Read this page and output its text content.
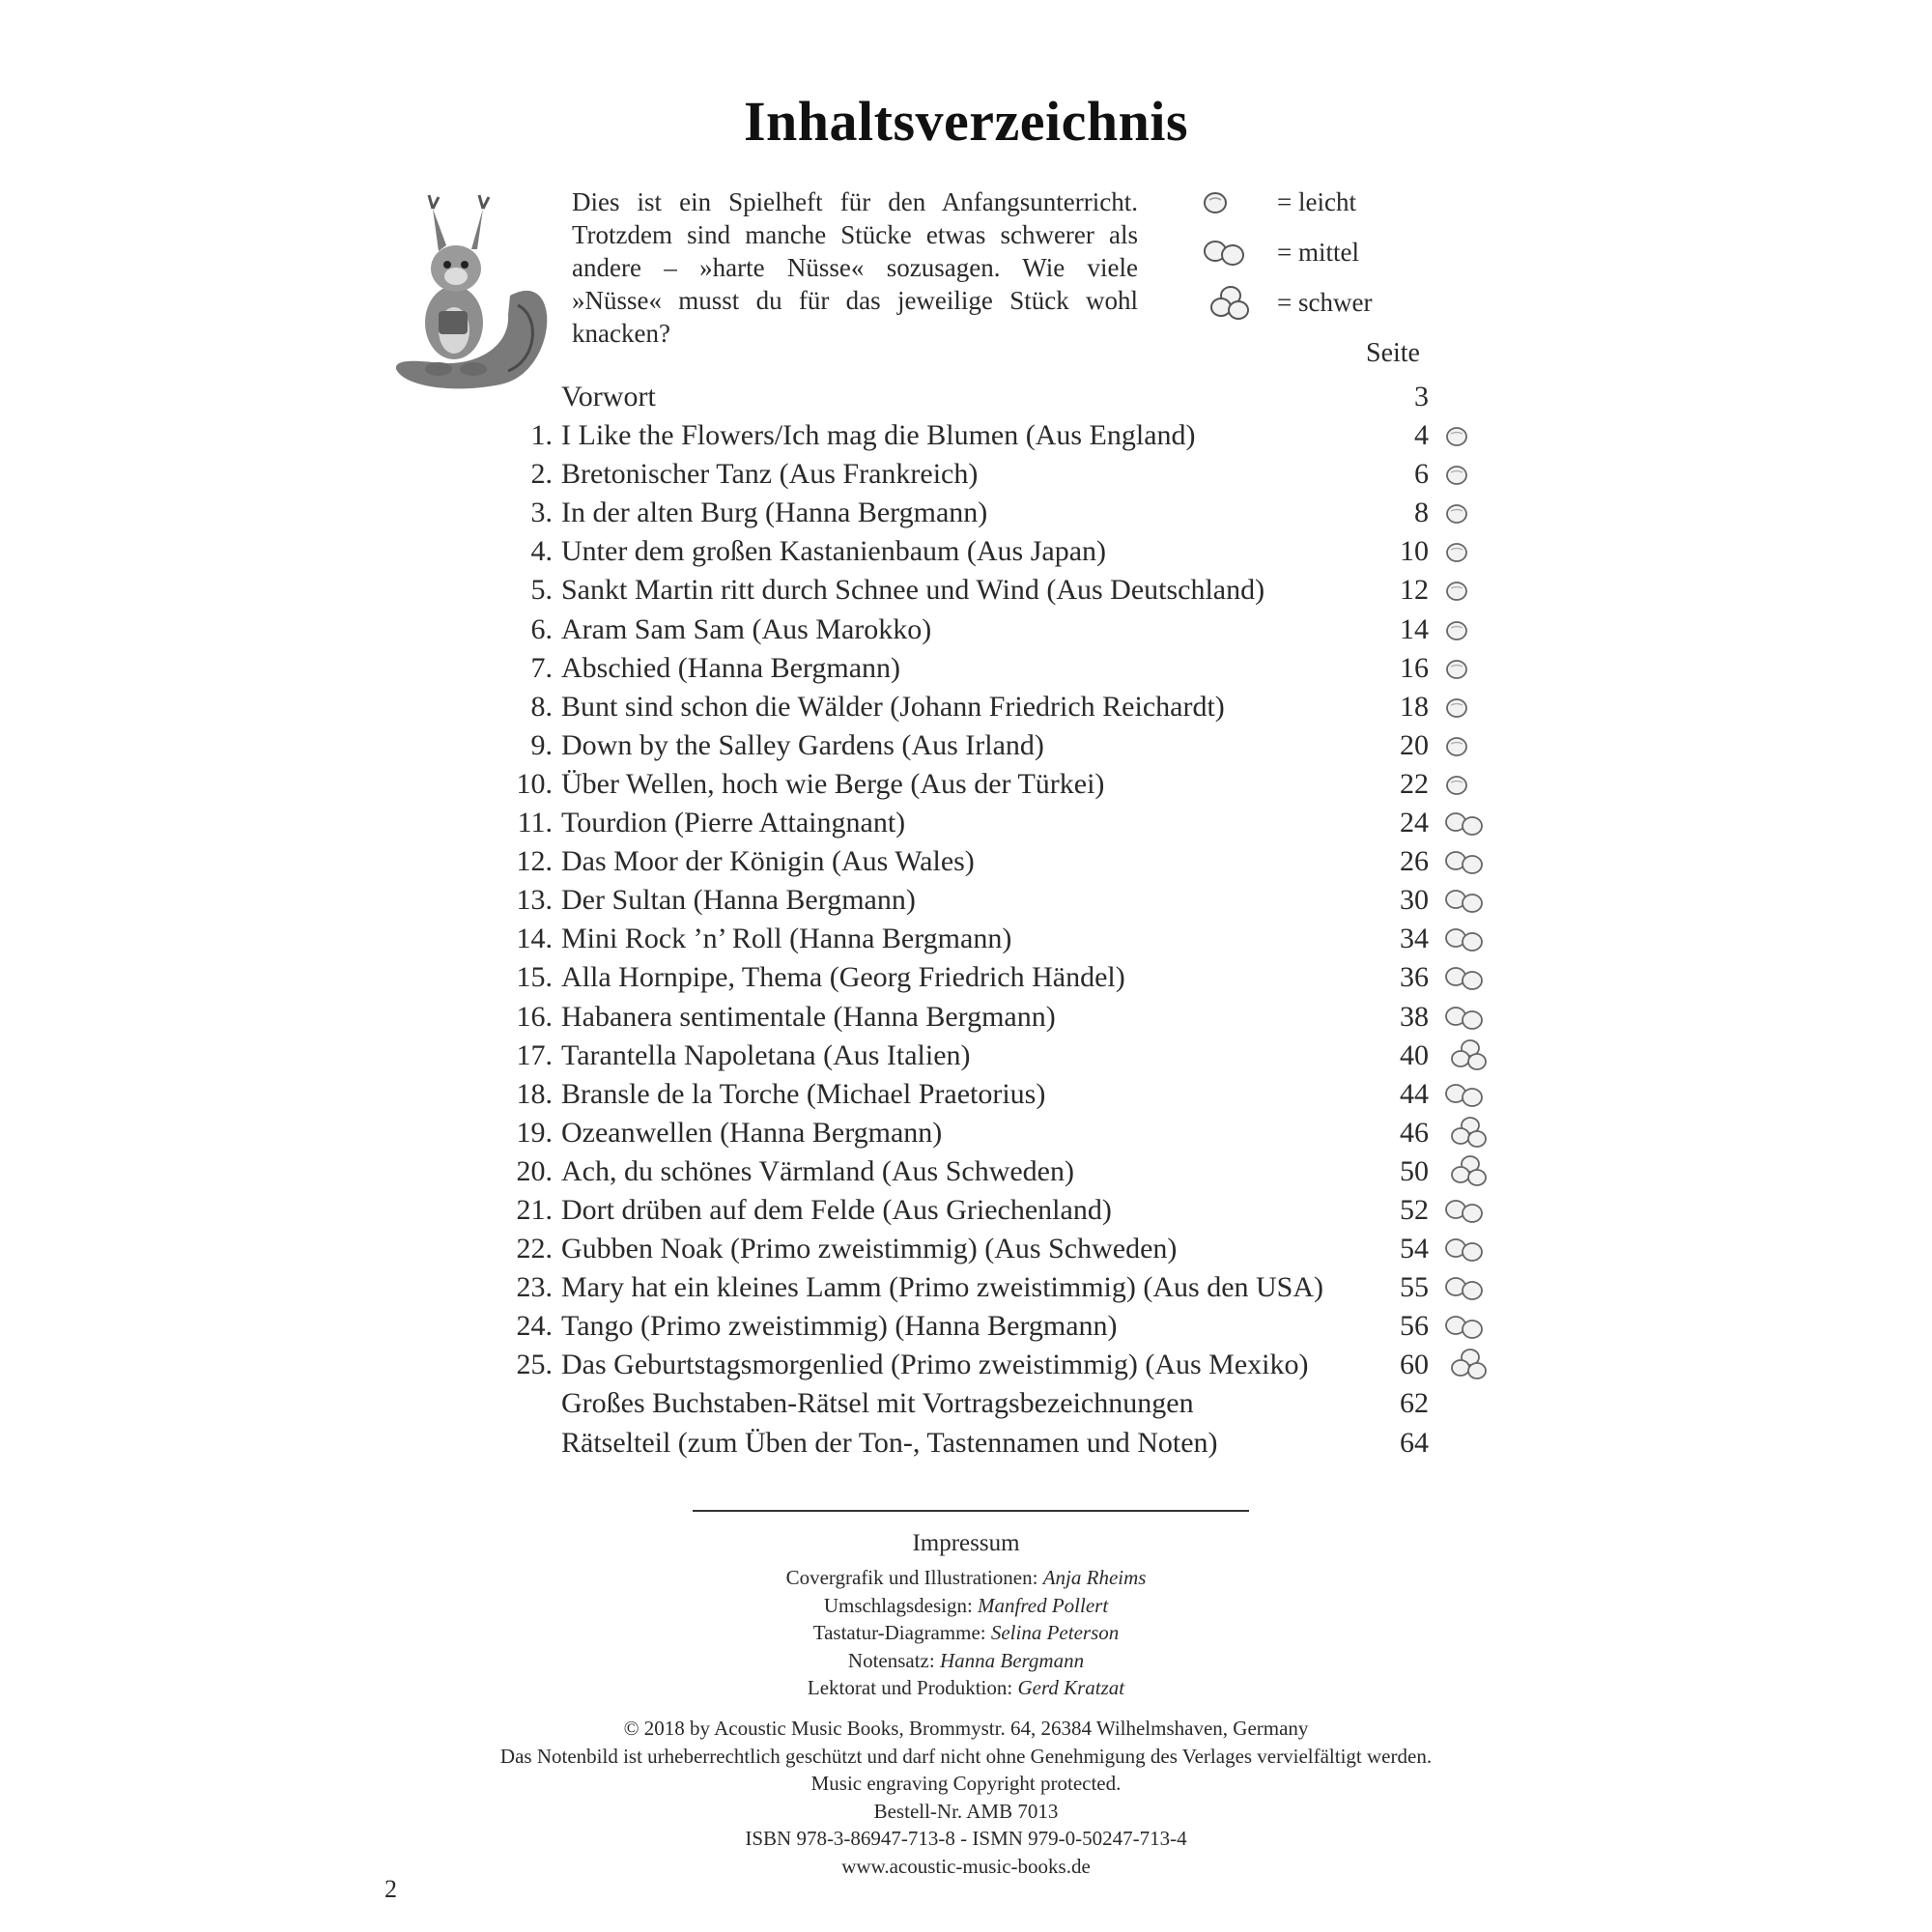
Inhaltsverzeichnis
Dies ist ein Spielheft für den Anfangsunterricht. Trotzdem sind manche Stücke etwas schwerer als andere – »harte Nüsse« sozusagen. Wie viele »Nüsse« musst du für das jeweilige Stück wohl knacken?
= leicht
= mittel
= schwer
Seite
Vorwort	3
1. I Like the Flowers/Ich mag die Blumen (Aus England)	4
2. Bretonischer Tanz (Aus Frankreich)	6
3. In der alten Burg (Hanna Bergmann)	8
4. Unter dem großen Kastanienbaum (Aus Japan)	10
5. Sankt Martin ritt durch Schnee und Wind (Aus Deutschland)	12
6. Aram Sam Sam (Aus Marokko)	14
7. Abschied (Hanna Bergmann)	16
8. Bunt sind schon die Wälder (Johann Friedrich Reichardt)	18
9. Down by the Salley Gardens (Aus Irland)	20
10. Über Wellen, hoch wie Berge (Aus der Türkei)	22
11. Tourdion (Pierre Attaingnant)	24
12. Das Moor der Königin (Aus Wales)	26
13. Der Sultan (Hanna Bergmann)	30
14. Mini Rock ’n’ Roll (Hanna Bergmann)	34
15. Alla Hornpipe, Thema (Georg Friedrich Händel)	36
16. Habanera sentimentale (Hanna Bergmann)	38
17. Tarantella Napoletana (Aus Italien)	40
18. Bransle de la Torche (Michael Praetorius)	44
19. Ozeanwellen (Hanna Bergmann)	46
20. Ach, du schönes Värmland (Aus Schweden)	50
21. Dort drüben auf dem Felde (Aus Griechenland)	52
22. Gubben Noak (Primo zweistimmig) (Aus Schweden)	54
23. Mary hat ein kleines Lamm (Primo zweistimmig) (Aus den USA)	55
24. Tango (Primo zweistimmig) (Hanna Bergmann)	56
25. Das Geburtstagsmorgenlied (Primo zweistimmig) (Aus Mexiko)	60
Großes Buchstaben-Rätsel mit Vortragsbezeichnungen	62
Rätselteil (zum Üben der Ton-, Tastennamen und Noten)	64
Impressum
Covergrafik und Illustrationen: Anja Rheims
Umschlagsdesign: Manfred Pollert
Tastatur-Diagramme: Selina Peterson
Notensatz: Hanna Bergmann
Lektorat und Produktion: Gerd Kratzat
© 2018 by Acoustic Music Books, Brommystr. 64, 26384 Wilhelmshaven, Germany
Das Notenbild ist urheberrechtlich geschützt und darf nicht ohne Genehmigung des Verlages vervielfältigt werden.
Music engraving Copyright protected.
Bestell-Nr. AMB 7013
ISBN 978-3-86947-713-8 - ISMN 979-0-50247-713-4
www.acoustic-music-books.de
2
